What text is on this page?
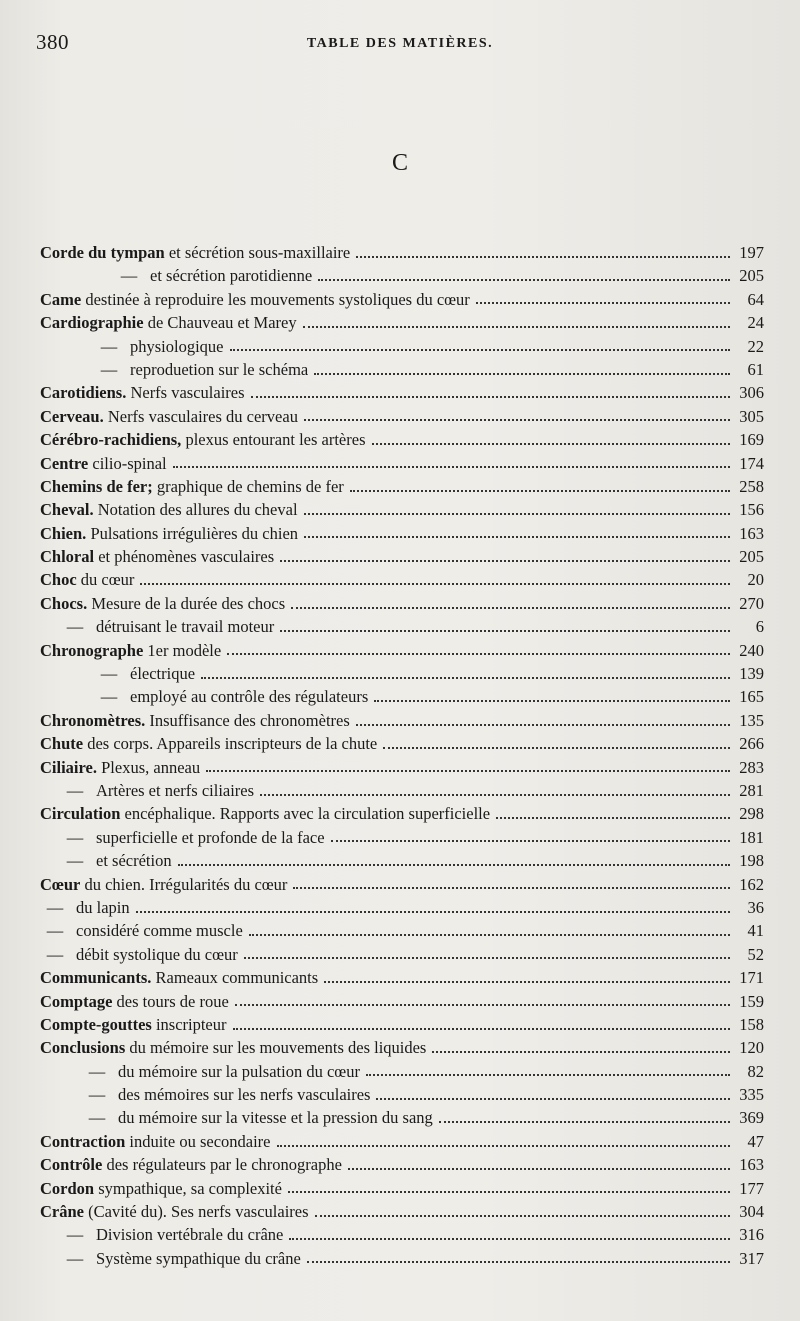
380	TABLE DES MATIÈRES.
C
Corde du tympan et sécrétion sous-maxillaire	197
— et sécrétion parotidienne	205
Came destinée à reproduire les mouvements systoliques du cœur	64
Cardiographie de Chauveau et Marey	24
— physiologique	22
— reproduetion sur le schéma	61
Carotidiens. Nerfs vasculaires	306
Cerveau. Nerfs vasculaires du cerveau	305
Cérébro-rachidiens, plexus entourant les artères	169
Centre cilio-spinal	174
Chemins de fer; graphique de chemins de fer	258
Cheval. Notation des allures du cheval	156
Chien. Pulsations irrégulières du chien	163
Chloral et phénomènes vasculaires	205
Choc du cœur	20
Chocs. Mesure de la durée des chocs	270
— détruisant le travail moteur	6
Chronographe 1er modèle	240
— électrique	139
— employé au contrôle des régulateurs	165
Chronomètres. Insuffisance des chronomètres	135
Chute des corps. Appareils inscripteurs de la chute	266
Ciliaire. Plexus, anneau	283
— Artères et nerfs ciliaires	281
Circulation encéphalique. Rapports avec la circulation superficielle	298
— superficielle et profonde de la face	181
— et sécrétion	198
Cœur du chien. Irrégularités du cœur	162
— du lapin	36
— considéré comme muscle	41
— débit systolique du cœur	52
Communicants. Rameaux communicants	171
Comptage des tours de roue	159
Compte-gouttes inscripteur	158
Conclusions du mémoire sur les mouvements des liquides	120
— du mémoire sur la pulsation du cœur	82
— des mémoires sur les nerfs vasculaires	335
— du mémoire sur la vitesse et la pression du sang	369
Contraction induite ou secondaire	47
Contrôle des régulateurs par le chronographe	163
Cordon sympathique, sa complexité	177
Crâne (Cavité du). Ses nerfs vasculaires	304
— Division vertébrale du crâne	316
— Système sympathique du crâne	317
